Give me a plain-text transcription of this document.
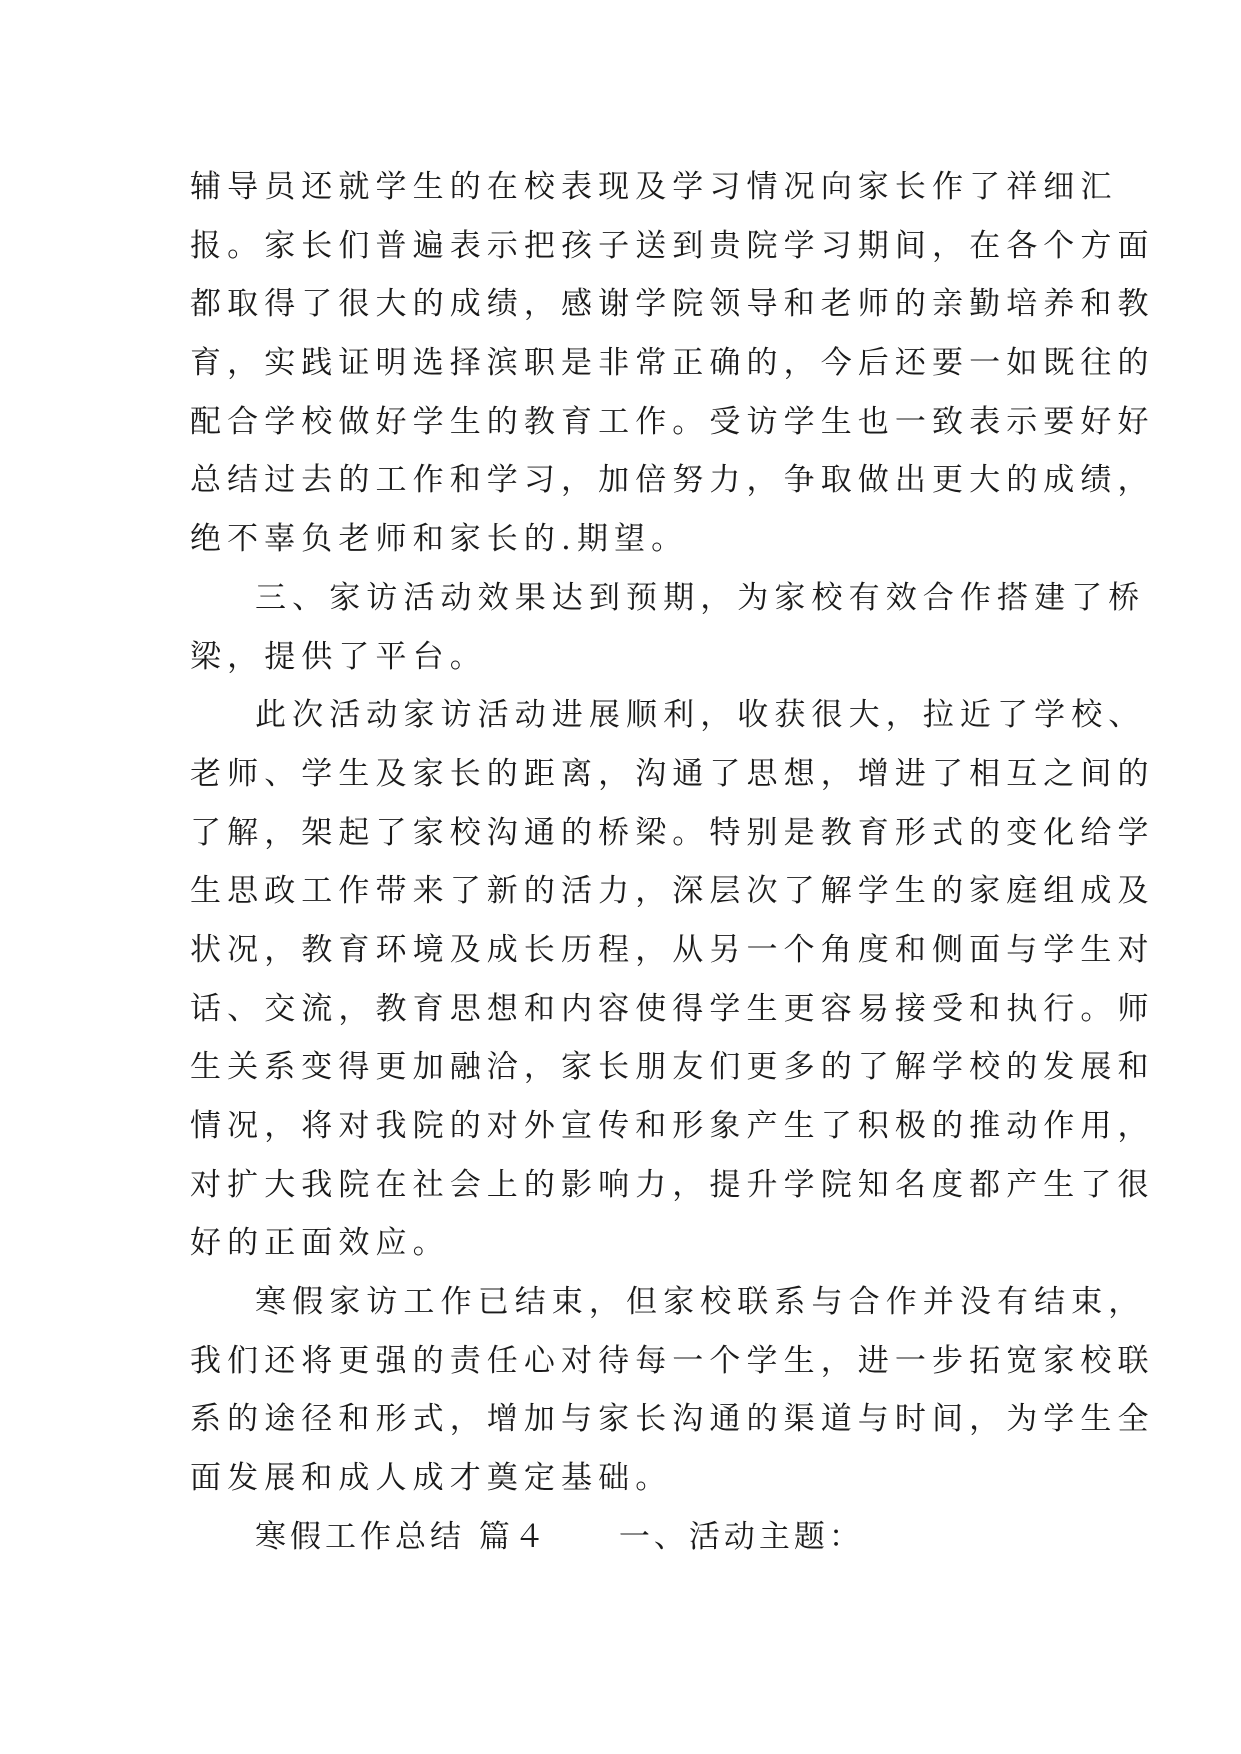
辅导员还就学生的在校表现及学习情况向家长作了祥细汇
报。家长们普遍表示把孩子送到贵院学习期间，在各个方面
都取得了很大的成绩，感谢学院领导和老师的亲勤培养和教
育，实践证明选择滨职是非常正确的，今后还要一如既往的
配合学校做好学生的教育工作。受访学生也一致表示要好好
总结过去的工作和学习，加倍努力，争取做出更大的成绩，
绝不辜负老师和家长的.期望。
三、家访活动效果达到预期，为家校有效合作搭建了桥
梁，提供了平台。
此次活动家访活动进展顺利，收获很大，拉近了学校、
老师、学生及家长的距离，沟通了思想，增进了相互之间的
了解，架起了家校沟通的桥梁。特别是教育形式的变化给学
生思政工作带来了新的活力，深层次了解学生的家庭组成及
状况，教育环境及成长历程，从另一个角度和侧面与学生对
话、交流，教育思想和内容使得学生更容易接受和执行。师
生关系变得更加融洽，家长朋友们更多的了解学校的发展和
情况，将对我院的对外宣传和形象产生了积极的推动作用，
对扩大我院在社会上的影响力，提升学院知名度都产生了很
好的正面效应。
寒假家访工作已结束，但家校联系与合作并没有结束，
我们还将更强的责任心对待每一个学生，进一步拓宽家校联
系的途径和形式，增加与家长沟通的渠道与时间，为学生全
面发展和成人成才奠定基础。
寒假工作总结 篇４ 一、活动主题：
